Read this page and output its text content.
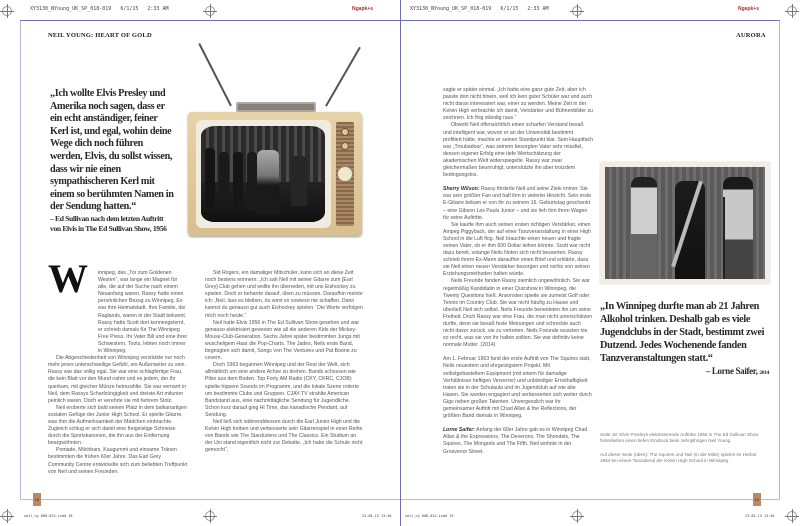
XY3130_NYoung_UK_SP_018-019 6/1/15 2:33 AM	Ngapk+s	XY3130_NYoung_UK_SP_018-019 6/1/15 2:33 AM	Ngapk+s
NEIL YOUNG: HEART OF GOLD
„Ich wollte Elvis Presley und Amerika noch sagen, dass er ein echt anständiger, feiner Kerl ist, und egal, wohin deine Wege dich noch führen werden, Elvis, du sollst wissen, dass wir nie einen sympathischeren Kerl mit einem so berühmten Namen in der Sendung hatten.“
– Ed Sullivan nach dem letzten Auftritt von Elvis in The Ed Sullivan Show, 1956
W	innipeg, das „Tor zum Goldenen Westen“, war lange ein Magnet für alle, die auf der Suche nach einem Neuanfang waren. Rassy hatte einen persönlichen Bezug zu Winnipeg. Es war ihre Heimatstadt. Ihre Familie, die Raglands, waren in der Stadt bekannt. Rassy hatte Scott dort kennengelernt, er schrieb damals für The Winnipeg Free Press. Ihr Vater Bill und eine ihrer Schwestern, Toots, lebten noch immer in Winnipeg.

Die Abgeschiedenheit von Winnipeg verstärkte nur noch mehr jenes unterschwellige Gefühl, ein Außenseiter zu sein. Rassy war das völlig egal. Sie war eine schlagfertige Frau, die kein Blatt vor den Mund nahm und es jedem, der ihr querkam, mit gleicher Münze heimzahlte. Sie war vernarrt in Neil, dem Rassys Scharfzüngigkeit und dreiste Art mitunter peinlich waren. Doch er verehrte sie mit hehrem Stolz.

Neil eroberte sich bald seinen Platz in dem balkanartigen sozialen Gefüge der Junior High School. Er spielte Gitarre, was ihm die Aufmerksamkeit der Mädchen einbrachte. Zugleich schlug er sich damit eine freigeistige Schneise durch die Sportskanonen, die ihn aus der Entfernung beargwöhnten.

Pomade, Milchbars, Kaugummi und einsame Tränen bestimmten die frühen 60er Jahre. Das Earl Grey Community Centre entwickelte sich zum beliebten Treffpunkt von Neil und seinen Freunden.

Sid Rogers, ein damaliger Mitschüler, kann sich an diese Zeit noch bestens erinnern: „Ich sah Neil mit seiner Gitarre zum [Earl Grey] Club gehen und wollte ihn überreden, mit uns Eishockey zu spielen. Doch er beharrte darauf, üben zu müssen. Daraufhin meinte ich: ‚Neil, lass es bleiben, du wirst es sowieso nie schaffen. Dann kannst du genauso gut auch Eishockey spielen.‘ Die Worte verfolgen mich noch heute.“

Neil hatte Elvis 1956 in The Ed Sullivan Show gesehen und war genauso elektrisiert gewesen wie all die anderen Kids der Mickey-Mouse-Club-Generation. Sechs Jahre später bestimmten Jungs mit wuscheligem Haar die Pop-Charts. The Jades, Neils erste Band, begnügten sich damit, Songs von The Ventures und Pat Boone zu covern.

Doch 1963 begannen Winnipeg und der Rest der Welt, sich allmählich um eine andere Achse zu drehen. Bands schossen wie Pilze aus dem Boden. Top Forty AM Radio (CKY, CKRC, CJOB) spielte hippere Sounds im Programm, und die lokale Szene rotierte um bestimmte Clubs und Gruppen. CJAY-TV strahlte American Bandstand aus, eine nachmittägliche Sendung für Jugendliche. Schon kurz darauf ging Hi Time, das kanadische Pendant, auf Sendung.

Neil ließ sich währenddessen durch die Earl Junior High und die Kelvin High treiben und verbesserte sein Gitarrenspiel in einer Reihe von Bands wie The Stardusters und The Classics. Ein Studium an der Uni stand eigentlich nicht zur Debatte. „Ich habe die Schule nicht gemocht“,

18
AURORA

sagte er später einmal. „Ich hatte eine ganz gute Zeit, aber ich passte dort nicht hinein, weil ich kein guter Schüler war und auch nicht daran interessiert war, einer zu werden. Meine Zeit in der Kelvin High verbrachte ich damit, Verstärker und Bühnenbilder zu zeichnen. Ich flog ständig raus.“

Obwohl Neil offensichtlich einen scharfen Verstand besaß und intelligent war, wovon er an der Universität bestimmt profitiert hätte, machte er seinen Standpunkt klar. Sein Hauptfach war „Troubadour“, was seinem besorgten Vater sehr missfiel, dessen eigener Erfolg eine tiefe Wertschätzung der akademischen Welt widerspiegelte. Rassy war zwar gleichermaßen beunruhigt, unterstützte ihn aber trotzdem bedingungslos.

Sherry Wilson: Rassy förderte Neil und seine Ziele immer. Sie war sein größter Fan und half ihm in vielerlei Hinsicht. Sein erste E-Gitarre bekam er von ihr zu seinem 16. Geburtstag geschenkt – eine Gibson Les Pauls Junior – und sie lieh ihm ihren Wagen für seine Auftritte.

Sie kaufte ihm auch seinen ersten richtigen Verstärker, einen Ampeg Piggyback, der auf einer Tanzveranstaltung in einer High School in die Luft flog. Neil brauchte einen neuen und fragte seinen Vater, ob er ihm 600 Dollar leihen könnte. Scott war nicht dazu bereit, solange Neils Noten sich nicht besserten. Rassy schrieb ihrem Ex-Mann daraufhin einen Brief und erklärte, dass sie Neil einen neuen Verstärker besorgen und nichts von seinen Erziehungsmethoden halten würde.

Neils Freunde fanden Rassy ziemlich ungewöhnlich. Sie war regelmäßig Kandidatin in einer Quizshow in Winnipeg, die Twenty Questions hieß. Ansonsten spielte sie zumeist Golf oder Tennis im Country Club. Sie war nicht häufig zu Hause und überließ Neil sich selbst. Neils Freunde beneideten ihn um seine Freiheit. Doch Rassy war eine Frau, die man nicht unterschätzen durfte, denn sie besaß feste Meinungen und schreckte auch nicht davor zurück, sie zu vertreten. Neils Freunde wussten nie so recht, was sie von ihr halten sollten. Sie war definitiv keine normale Mutter. (2014)

Am 1. Februar 1963 fand der erste Auftritt von The Squires statt, Neils neuestem und ehrgeizigstem Projekt. Mit selbstgebasteltem Equipment (mit einem für damalige Verhältnisse heftigen Verzerrer) und unbändiger Ernsthaftigkeit traten sie in der Schulaula und im Jugendclub auf wie alte Hasen. Sie wurden engagiert und verbesserten sich weiter durch Gigs neben großen Talenten. Unvergesslich war ihr gemeinsamer Auftritt mit Chad Allan & the Reflections, der größten Band damals in Winnipeg.

Lorne Saifer: Anfang der 60er Jahre gab es in Winnipeg Chad Allan & the Expressions, The Deverons, The Shondels, The Squires, The Mongrels und The Fifth. Neil wohnte in der Grosvenor Street.

„In Winnipeg durfte man ab 21 Jahren Alkohol trinken. Deshalb gab es viele Jugendclubs in der Stadt, bestimmt zwei Dutzend. Jedes Wochenende fanden Tanzveranstaltungen statt.“
– Lorne Saifer, 2014
Seite 18: Elvis Presleys elektrisierende Auftritte 1956 in The Ed Sullivan Show hinterließen einen tiefen Eindruck beim zehnjährigen Neil Young.
Auf dieser Seite (oben): The Squires und Neil (in der Mitte) spielen im Herbst 1964 bei einem Tanzabend der Kelvin High School in Winnipeg.
19
neil_ny 008-024.indd 18	23.05.15 13:46	neil_ny 008-024.indd 19	23.05.15 13:46
